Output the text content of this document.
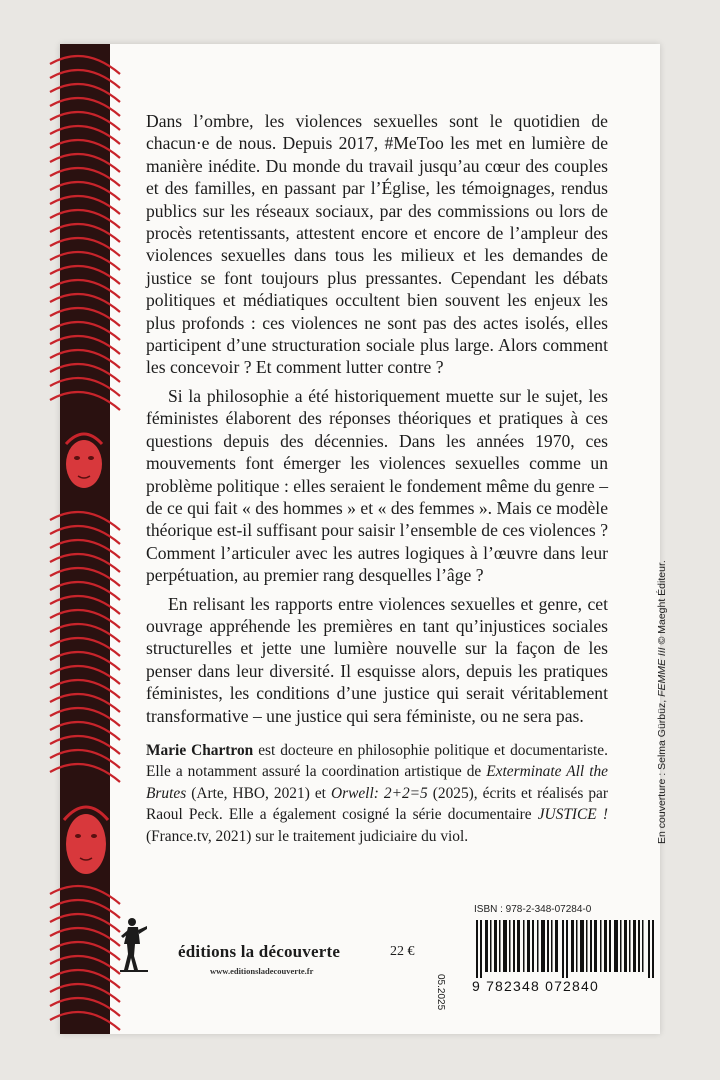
Dans l’ombre, les violences sexuelles sont le quotidien de chacun·e de nous. Depuis 2017, #MeToo les met en lumière de manière inédite. Du monde du travail jusqu’au cœur des couples et des familles, en passant par l’Église, les témoignages, rendus publics sur les réseaux sociaux, par des commissions ou lors de procès retentissants, attestent encore et encore de l’ampleur des violences sexuelles dans tous les milieux et les demandes de justice se font toujours plus pressantes. Cependant les débats politiques et médiatiques occultent bien souvent les enjeux les plus profonds : ces violences ne sont pas des actes isolés, elles participent d’une structuration sociale plus large. Alors comment les concevoir ? Et comment lutter contre ?

Si la philosophie a été historiquement muette sur le sujet, les féministes élaborent des réponses théoriques et pratiques à ces questions depuis des décennies. Dans les années 1970, ces mouvements font émerger les violences sexuelles comme un problème politique : elles seraient le fondement même du genre – de ce qui fait « des hommes » et « des femmes ». Mais ce modèle théorique est-il suffisant pour saisir l’ensemble de ces violences ? Comment l’articuler avec les autres logiques à l’œuvre dans leur perpétuation, au premier rang desquelles l’âge ?

En relisant les rapports entre violences sexuelles et genre, cet ouvrage appréhende les premières en tant qu’injustices sociales structurelles et jette une lumière nouvelle sur la façon de les penser dans leur diversité. Il esquisse alors, depuis les pratiques féministes, les conditions d’une justice qui serait véritablement transformative – une justice qui sera féministe, ou ne sera pas.

Marie Chartron est docteure en philosophie politique et documentariste. Elle a notamment assuré la coordination artistique de Exterminate All the Brutes (Arte, HBO, 2021) et Orwell: 2+2=5 (2025), écrits et réalisés par Raoul Peck. Elle a également cosigné la série documentaire JUSTICE ! (France.tv, 2021) sur le traitement judiciaire du viol.	En couverture : Selma Gürbüz, FEMME III © Maeght Éditeur.
ISBN : 978-2-348-07284-0
9 782348 072840
05.2025
22 €
éditions la découverte
www.editionsladecouverte.fr
